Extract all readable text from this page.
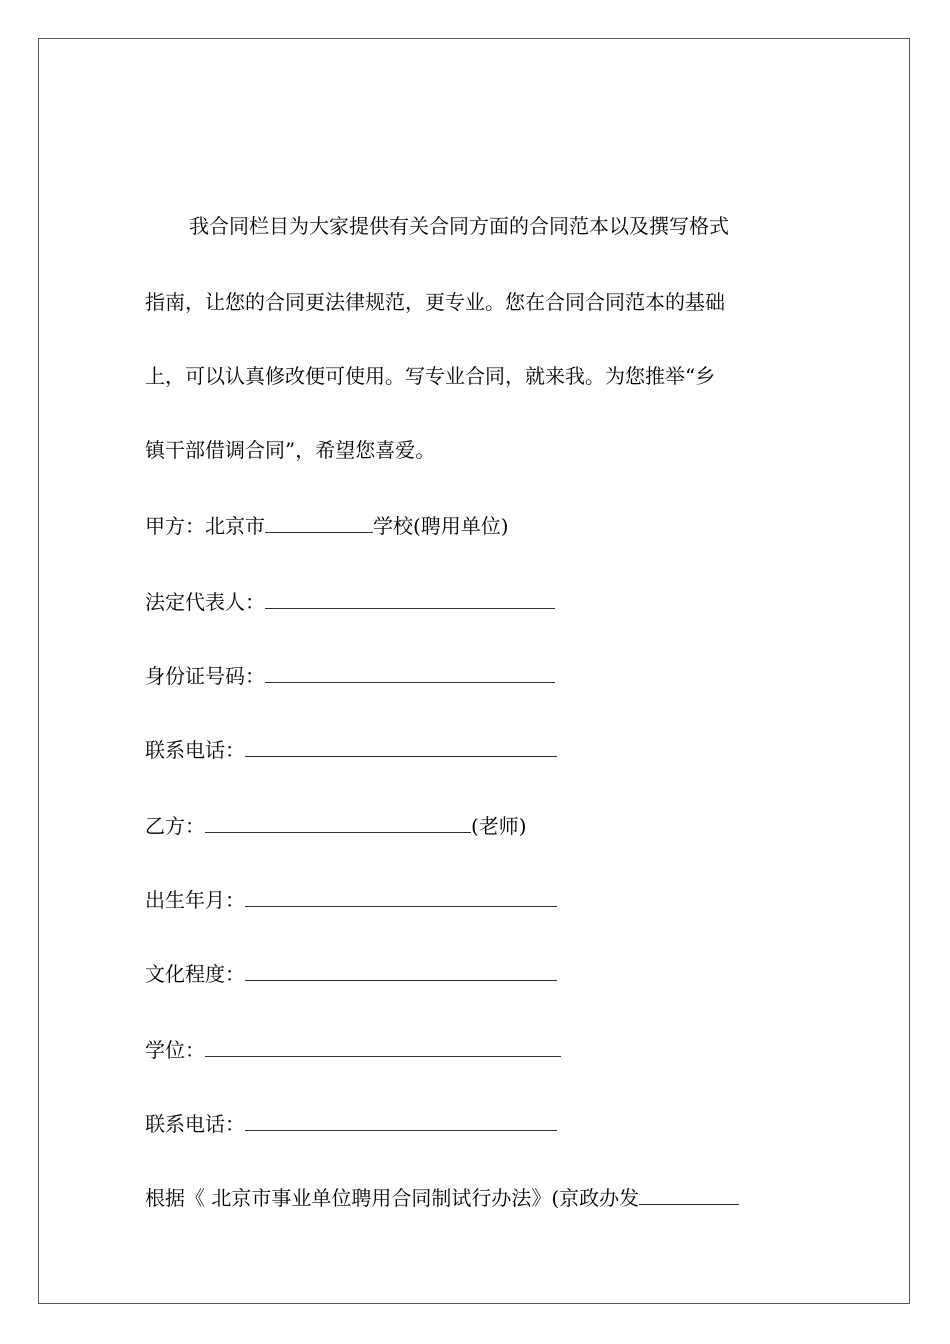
我合同栏目为大家提供有关合同方面的合同范本以及撰写格式
指南，让您的合同更法律规范，更专业。您在合同合同范本的基础
上，可以认真修改便可使用。写专业合同，就来我。为您推举“乡
镇干部借调合同”，希望您喜爱。
甲方：北京市	学校(聘用单位)
法定代表人：
身份证号码：
联系电话：
乙方：	(老师)
出生年月：
文化程度：
学位：
联系电话：
根据《 北京市事业单位聘用合同制试行办法》(京政办发
